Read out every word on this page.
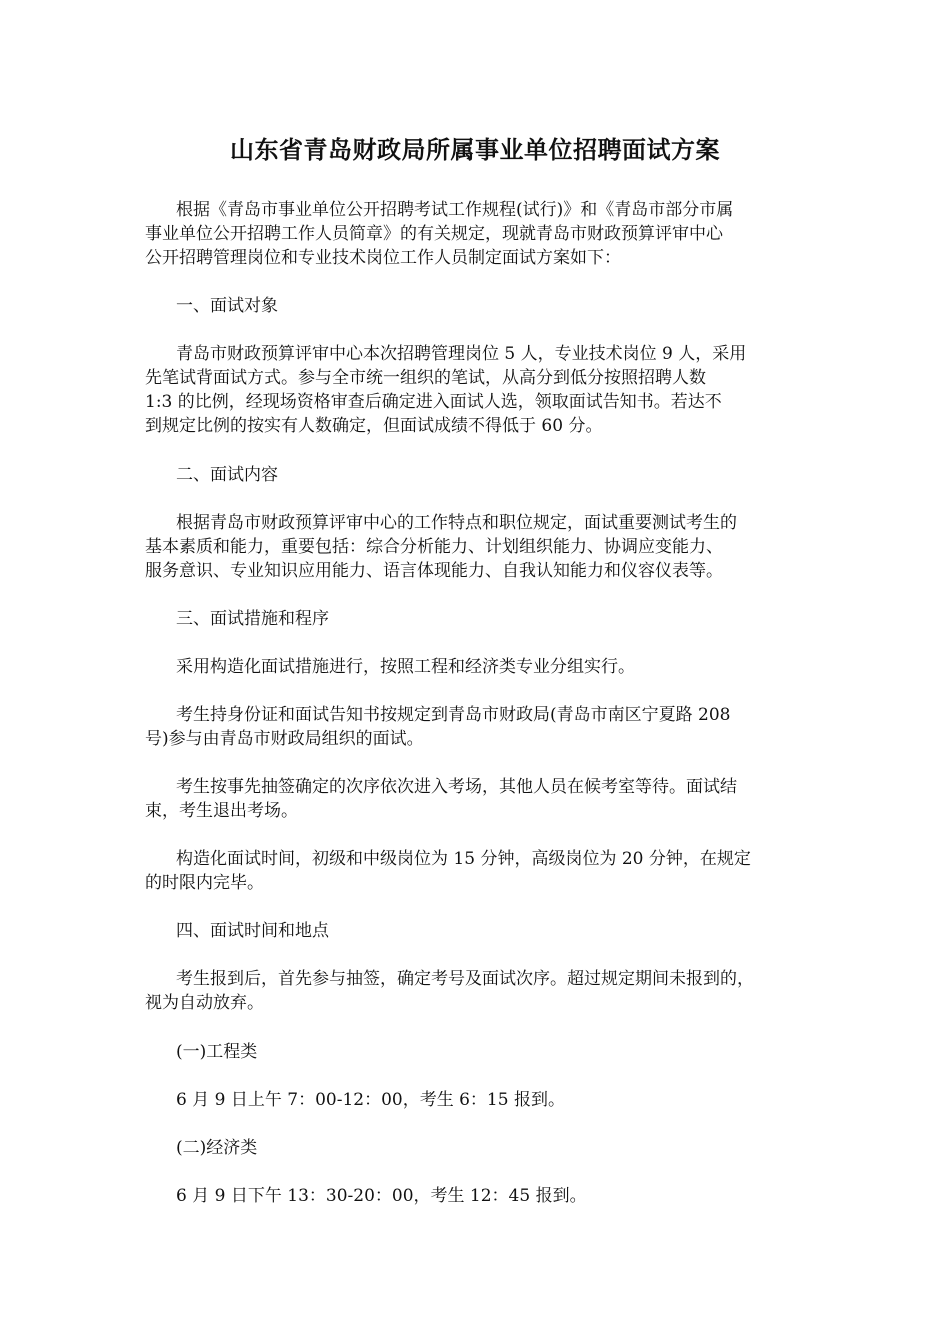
山东省青岛财政局所属事业单位招聘面试方案
根据《青岛市事业单位公开招聘考试工作规程(试行)》和《青岛市部分市属
事业单位公开招聘工作人员简章》的有关规定，现就青岛市财政预算评审中心
公开招聘管理岗位和专业技术岗位工作人员制定面试方案如下：
一、面试对象
青岛市财政预算评审中心本次招聘管理岗位 5 人，专业技术岗位 9 人，采用
先笔试背面试方式。参与全市统一组织的笔试，从高分到低分按照招聘人数
1:3 的比例，经现场资格审查后确定进入面试人选，领取面试告知书。若达不
到规定比例的按实有人数确定，但面试成绩不得低于 60 分。
二、面试内容
根据青岛市财政预算评审中心的工作特点和职位规定，面试重要测试考生的
基本素质和能力，重要包括：综合分析能力、计划组织能力、协调应变能力、
服务意识、专业知识应用能力、语言体现能力、自我认知能力和仪容仪表等。
三、面试措施和程序
采用构造化面试措施进行，按照工程和经济类专业分组实行。
考生持身份证和面试告知书按规定到青岛市财政局(青岛市南区宁夏路 208
号)参与由青岛市财政局组织的面试。
考生按事先抽签确定的次序依次进入考场，其他人员在候考室等待。面试结
束，考生退出考场。
构造化面试时间，初级和中级岗位为 15 分钟，高级岗位为 20 分钟，在规定
的时限内完毕。
四、面试时间和地点
考生报到后，首先参与抽签，确定考号及面试次序。超过规定期间未报到的，
视为自动放弃。
(一)工程类
6 月 9 日上午 7：00-12：00，考生 6：15 报到。
(二)经济类
6 月 9 日下午 13：30-20：00，考生 12：45 报到。
